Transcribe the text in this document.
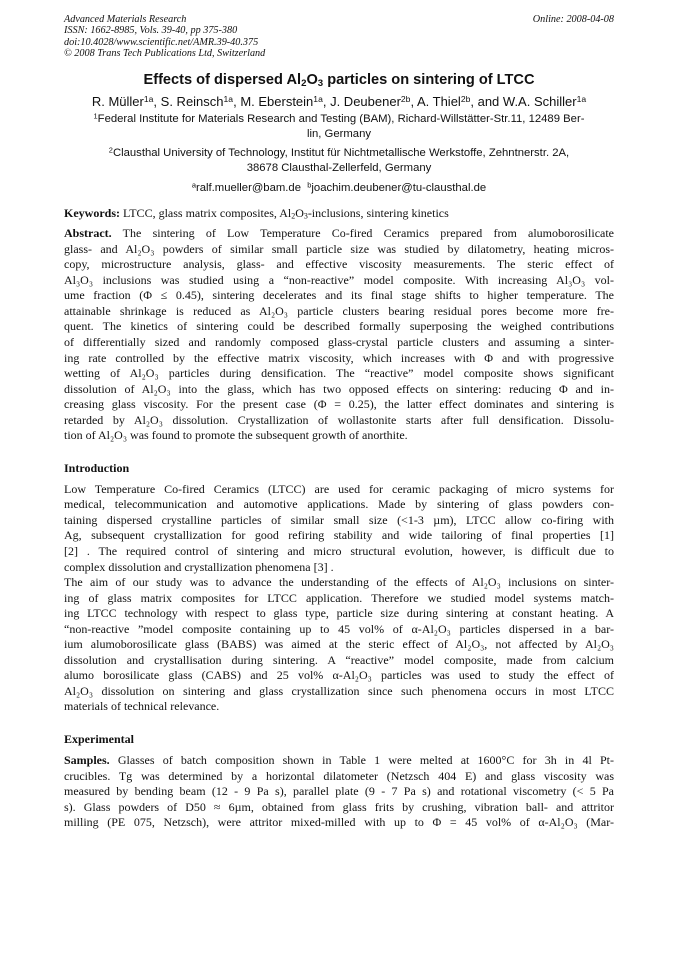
Advanced Materials Research
ISSN: 1662-8985, Vols. 39-40, pp 375-380
doi:10.4028/www.scientific.net/AMR.39-40.375
© 2008 Trans Tech Publications Ltd, Switzerland
Online: 2008-04-08
Effects of dispersed $Al_2O_3$ particles on sintering of LTCC
R. Müller$^{1a}$, S. Reinsch$^{1a}$, M. Eberstein$^{1a}$, J. Deubener$^{2b}$, A. Thiel$^{2b}$, and W.A. Schiller$^{1a}$
$^1$Federal Institute for Materials Research and Testing (BAM), Richard-Willstätter-Str.11, 12489 Ber-
lin, Germany
$^2$Clausthal University of Technology, Institut für Nichtmetallische Werkstoffe, Zehntnerstr. 2A,
38678 Clausthal-Zellerfeld, Germany
$^a$ralf.mueller@bam.de $^b$joachim.deubener@tu-clausthal.de
Keywords: LTCC, glass matrix composites, $Al_2O_3$-inclusions, sintering kinetics
Abstract. The sintering of Low Temperature Co-fired Ceramics prepared from alumoborosilicate
glass- and Al₂O₃ powders of similar small particle size was studied by dilatometry, heating micros-
copy, microstructure analysis, glass- and effective viscosity measurements. The steric effect of
Al₃O₃ inclusions was studied using a “non-reactive” model composite. With increasing Al₃O₃ vol-
ume fraction (Φ ≤ 0.45), sintering decelerates and its final stage shifts to higher temperature. The
attainable shrinkage is reduced as Al₂O₃ particle clusters bearing residual pores become more fre-
quent. The kinetics of sintering could be described formally superposing the weighed contributions
of differentially sized and randomly composed glass-crystal particle clusters and assuming a sinter-
ing rate controlled by the effective matrix viscosity, which increases with Φ and with progressive
wetting of Al₂O₃ particles during densification. The “reactive” model composite shows significant
dissolution of Al₂O₃ into the glass, which has two opposed effects on sintering: reducing Φ and in-
creasing glass viscosity. For the present case (Φ = 0.25), the latter effect dominates and sintering is
retarded by Al₂O₃ dissolution. Crystallization of wollastonite starts after full densification. Dissolu-
tion of Al₂O₃ was found to promote the subsequent growth of anorthite.
Introduction
Low Temperature Co-fired Ceramics (LTCC) are used for ceramic packaging of micro systems for
medical, telecommunication and automotive applications. Made by sintering of glass powders con-
taining dispersed crystalline particles of similar small size (<1-3 µm), LTCC allow co-firing with
Ag, subsequent crystallization for good refiring stability and wide tailoring of final properties [1]
[2] . The required control of sintering and micro structural evolution, however, is difficult due to
complex dissolution and crystallization phenomena [3] .
The aim of our study was to advance the understanding of the effects of Al₂O₃ inclusions on sinter-
ing of glass matrix composites for LTCC application. Therefore we studied model systems match-
ing LTCC technology with respect to glass type, particle size during sintering at constant heating. A
“non-reactive ”model composite containing up to 45 vol% of α-Al₂O₃ particles dispersed in a bar-
ium alumoborosilicate glass (BABS) was aimed at the steric effect of Al₂O₃, not affected by Al₂O₃
dissolution and crystallisation during sintering. A “reactive” model composite, made from calcium
alumo borosilicate glass (CABS) and 25 vol% α-Al₂O₃ particles was used to study the effect of
Al₂O₃ dissolution on sintering and glass crystallization since such phenomena occurs in most LTCC
materials of technical relevance.
Experimental
Samples. Glasses of batch composition shown in Table 1 were melted at 1600°C for 3h in 4l Pt-
crucibles. Tg was determined by a horizontal dilatometer (Netzsch 404 E) and glass viscosity was
measured by bending beam (12 - 9 Pa s), parallel plate (9 - 7 Pa s) and rotational viscometry (< 5 Pa
s). Glass powders of D50 ≈ 6µm, obtained from glass frits by crushing, vibration ball- and attritor
milling (PE 075, Netzsch), were attritor mixed-milled with up to Φ = 45 vol% of α-Al₂O₃ (Mar-
